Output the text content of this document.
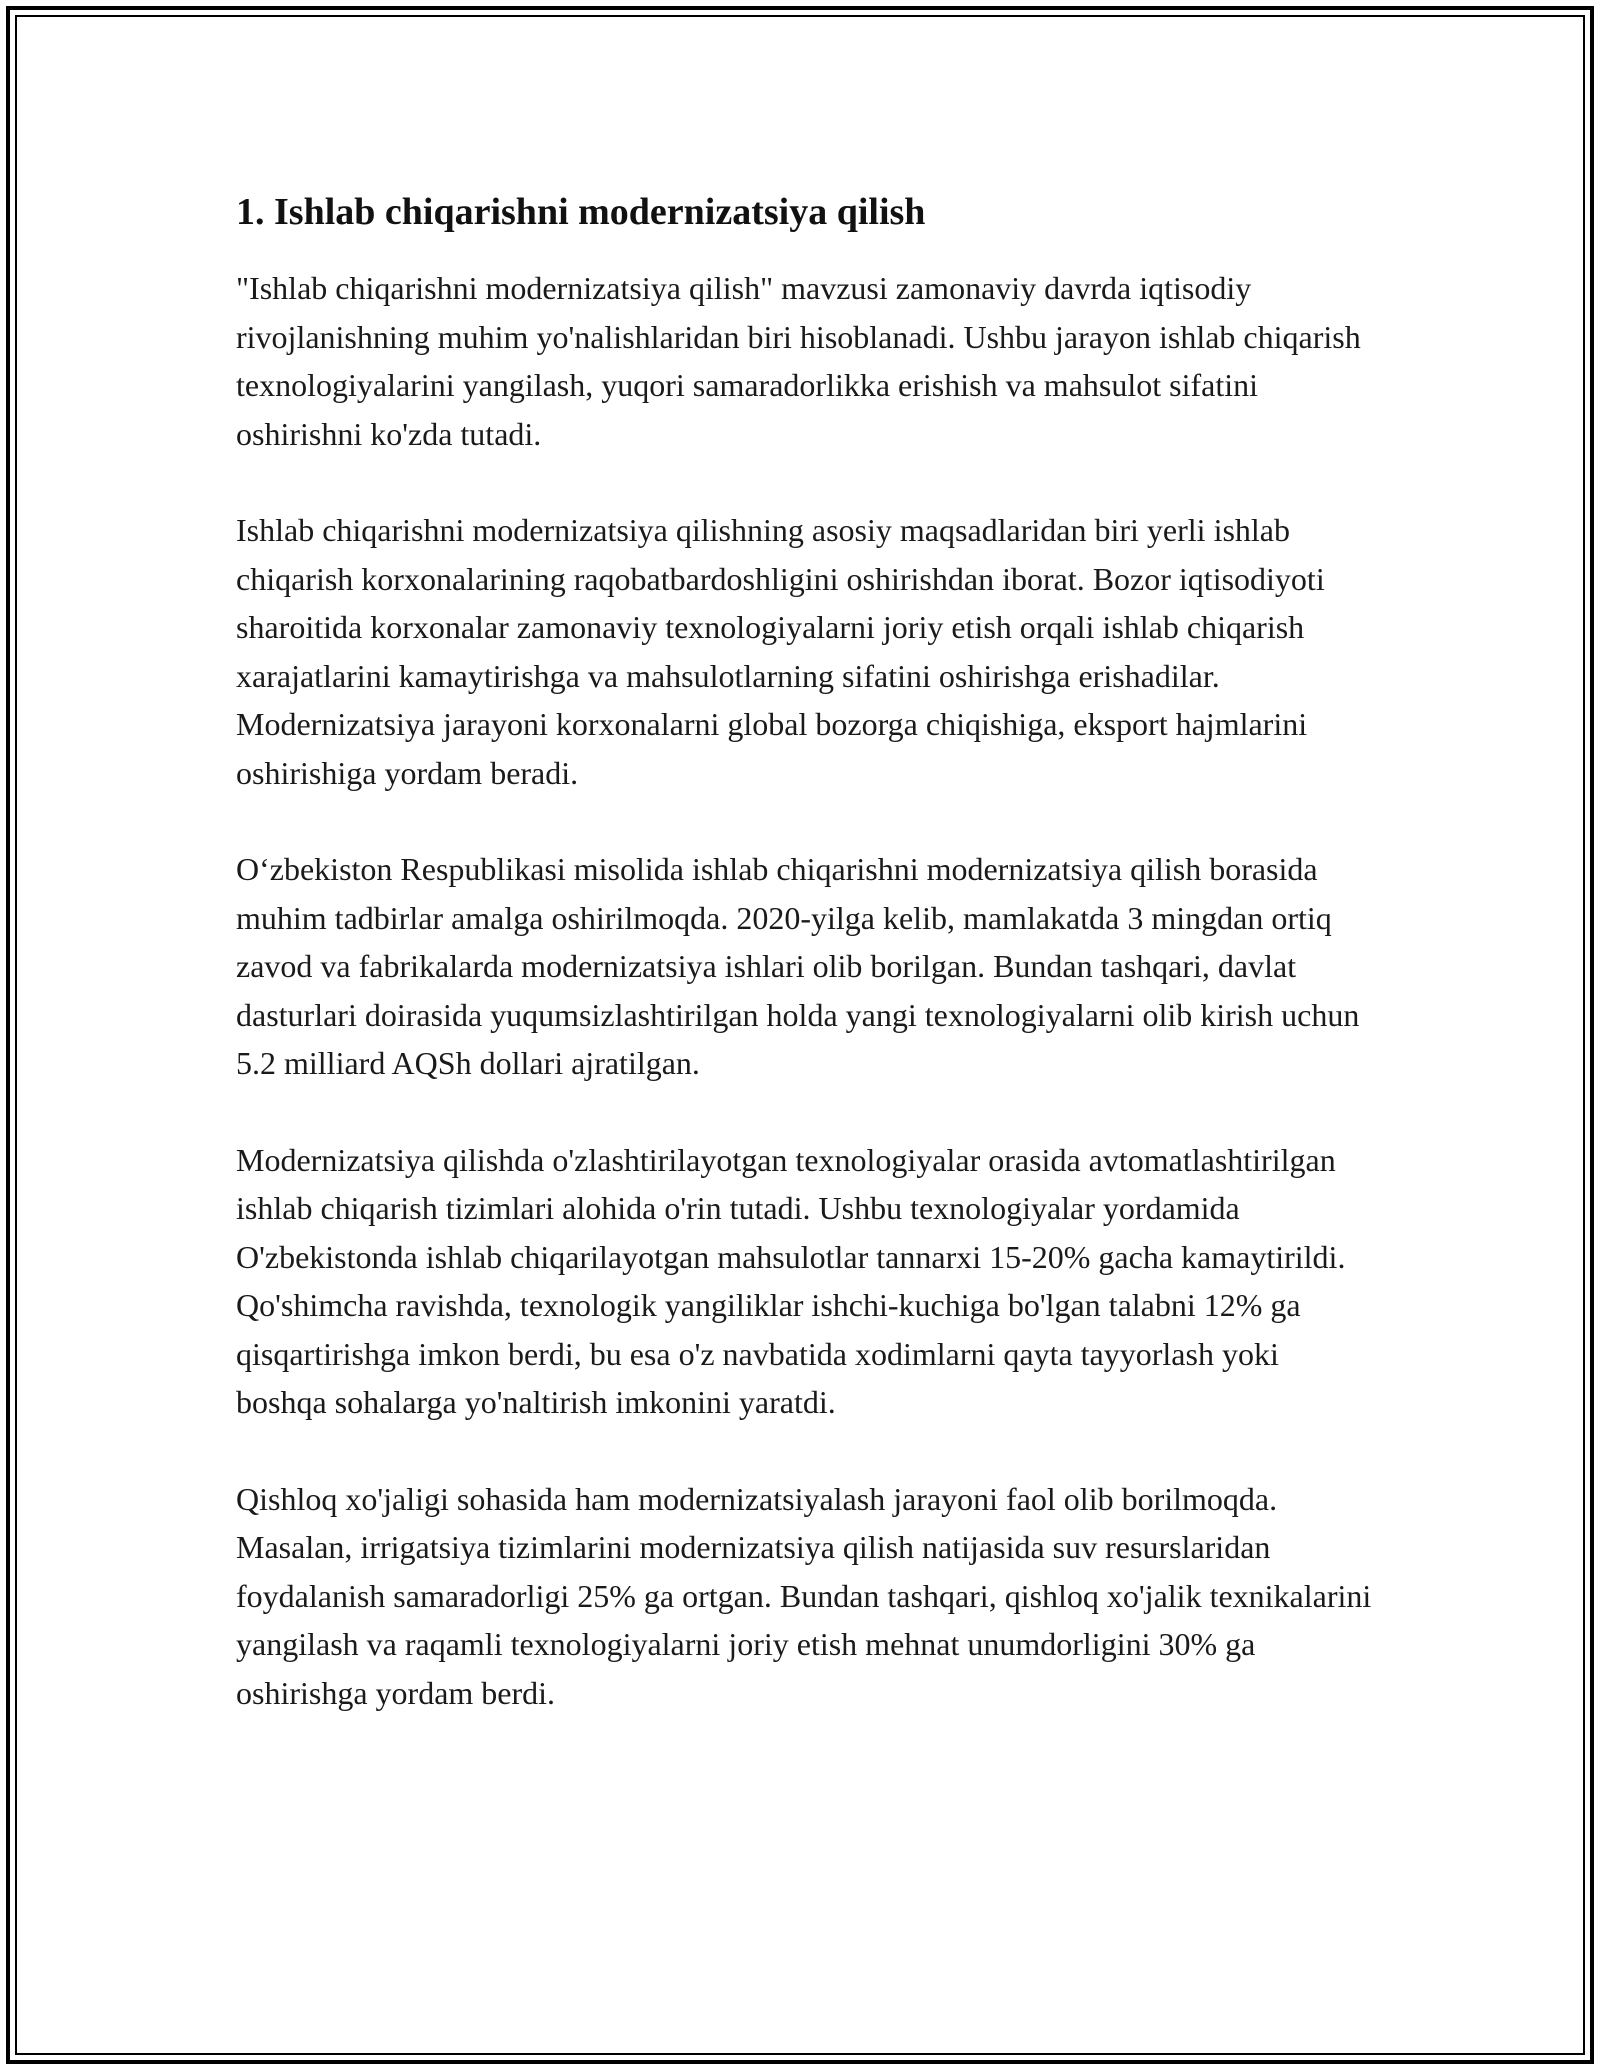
1. Ishlab chiqarishni modernizatsiya qilish

"Ishlab chiqarishni modernizatsiya qilish" mavzusi zamonaviy davrda iqtisodiy rivojlanishning muhim yo'nalishlaridan biri hisoblanadi. Ushbu jarayon ishlab chiqarish texnologiyalarini yangilash, yuqori samaradorlikka erishish va mahsulot sifatini oshirishni ko'zda tutadi.

Ishlab chiqarishni modernizatsiya qilishning asosiy maqsadlaridan biri yerli ishlab chiqarish korxonalarining raqobatbardoshligini oshirishdan iborat. Bozor iqtisodiyoti sharoitida korxonalar zamonaviy texnologiyalarni joriy etish orqali ishlab chiqarish xarajatlarini kamaytirishga va mahsulotlarning sifatini oshirishga erishadilar. Modernizatsiya jarayoni korxonalarni global bozorga chiqishiga, eksport hajmlarini oshirishiga yordam beradi.

Oʻzbekiston Respublikasi misolida ishlab chiqarishni modernizatsiya qilish borasida muhim tadbirlar amalga oshirilmoqda. 2020-yilga kelib, mamlakatda 3 mingdan ortiq zavod va fabrikalarda modernizatsiya ishlari olib borilgan. Bundan tashqari, davlat dasturlari doirasida yuqumsizlashtirilgan holda yangi texnologiyalarni olib kirish uchun 5.2 milliard AQSh dollari ajratilgan.

Modernizatsiya qilishda o'zlashtirilayotgan texnologiyalar orasida avtomatlashtirilgan ishlab chiqarish tizimlari alohida o'rin tutadi. Ushbu texnologiyalar yordamida O'zbekistonda ishlab chiqarilayotgan mahsulotlar tannarxi 15-20% gacha kamaytirildi. Qo'shimcha ravishda, texnologik yangiliklar ishchi-kuchiga bo'lgan talabni 12% ga qisqartirishga imkon berdi, bu esa o'z navbatida xodimlarni qayta tayyorlash yoki boshqa sohalarga yo'naltirish imkonini yaratdi.

Qishloq xo'jaligi sohasida ham modernizatsiyalash jarayoni faol olib borilmoqda. Masalan, irrigatsiya tizimlarini modernizatsiya qilish natijasida suv resurslaridan foydalanish samaradorligi 25% ga ortgan. Bundan tashqari, qishloq xo'jalik texnikalarini yangilash va raqamli texnologiyalarni joriy etish mehnat unumdorligini 30% ga oshirishga yordam berdi.
